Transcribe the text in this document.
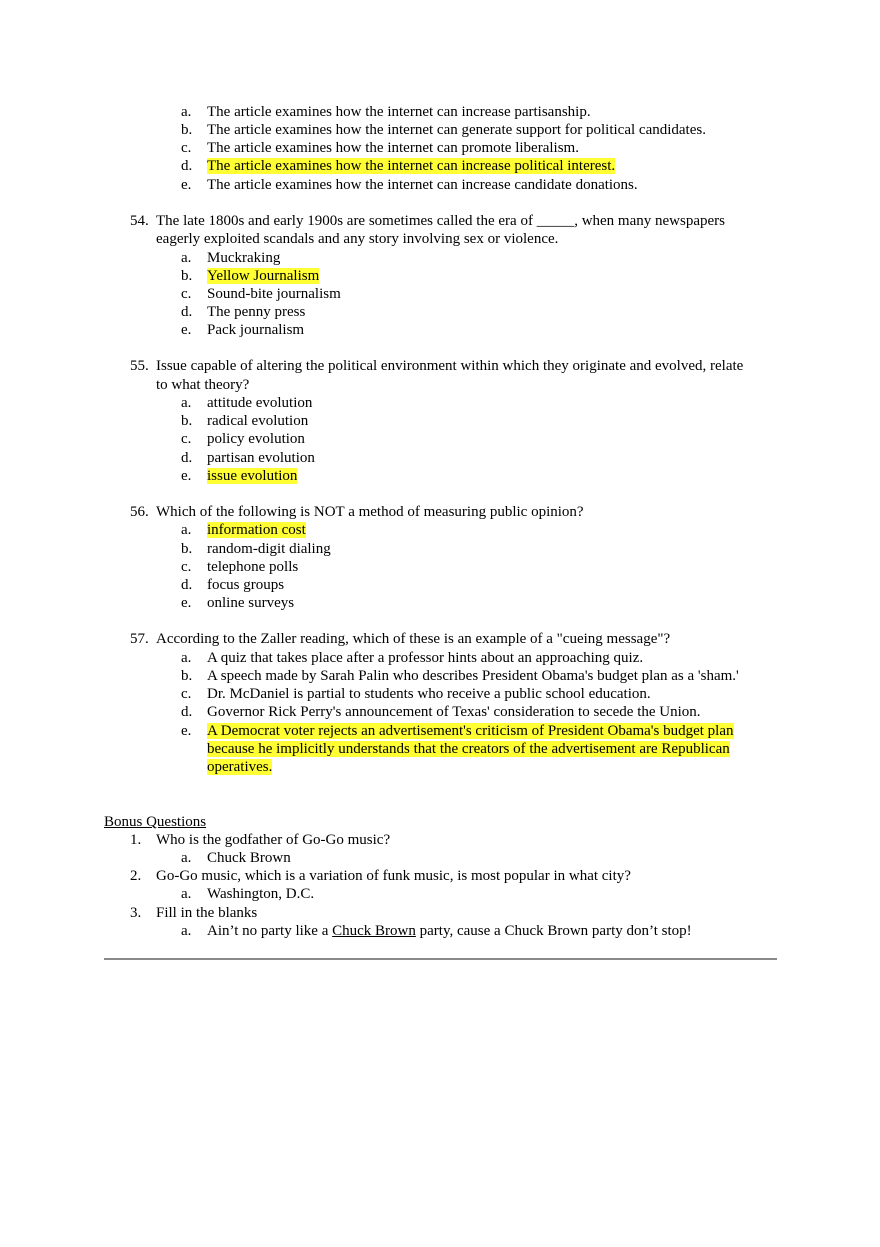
a. The article examines how the internet can increase partisanship.
b. The article examines how the internet can generate support for political candidates.
c. The article examines how the internet can promote liberalism.
d. The article examines how the internet can increase political interest.
e. The article examines how the internet can increase candidate donations.
54. The late 1800s and early 1900s are sometimes called the era of _____, when many newspapers
eagerly exploited scandals and any story involving sex or violence.
a. Muckraking
b. Yellow Journalism
c. Sound-bite journalism
d. The penny press
e. Pack journalism
55. Issue capable of altering the political environment within which they originate and evolved, relate
to what theory?
a. attitude evolution
b. radical evolution
c. policy evolution
d. partisan evolution
e. issue evolution
56. Which of the following is NOT a method of measuring public opinion?
a. information cost
b. random-digit dialing
c. telephone polls
d. focus groups
e. online surveys
57. According to the Zaller reading, which of these is an example of a "cueing message"?
a. A quiz that takes place after a professor hints about an approaching quiz.
b. A speech made by Sarah Palin who describes President Obama's budget plan as a 'sham.'
c. Dr. McDaniel is partial to students who receive a public school education.
d. Governor Rick Perry's announcement of Texas' consideration to secede the Union.
e. A Democrat voter rejects an advertisement's criticism of President Obama's budget plan
because he implicitly understands that the creators of the advertisement are Republican
operatives.
Bonus Questions
1. Who is the godfather of Go-Go music?
a. Chuck Brown
2. Go-Go music, which is a variation of funk music, is most popular in what city?
a. Washington, D.C.
3. Fill in the blanks
a. Ain’t no party like a Chuck Brown party, cause a Chuck Brown party don’t stop!
